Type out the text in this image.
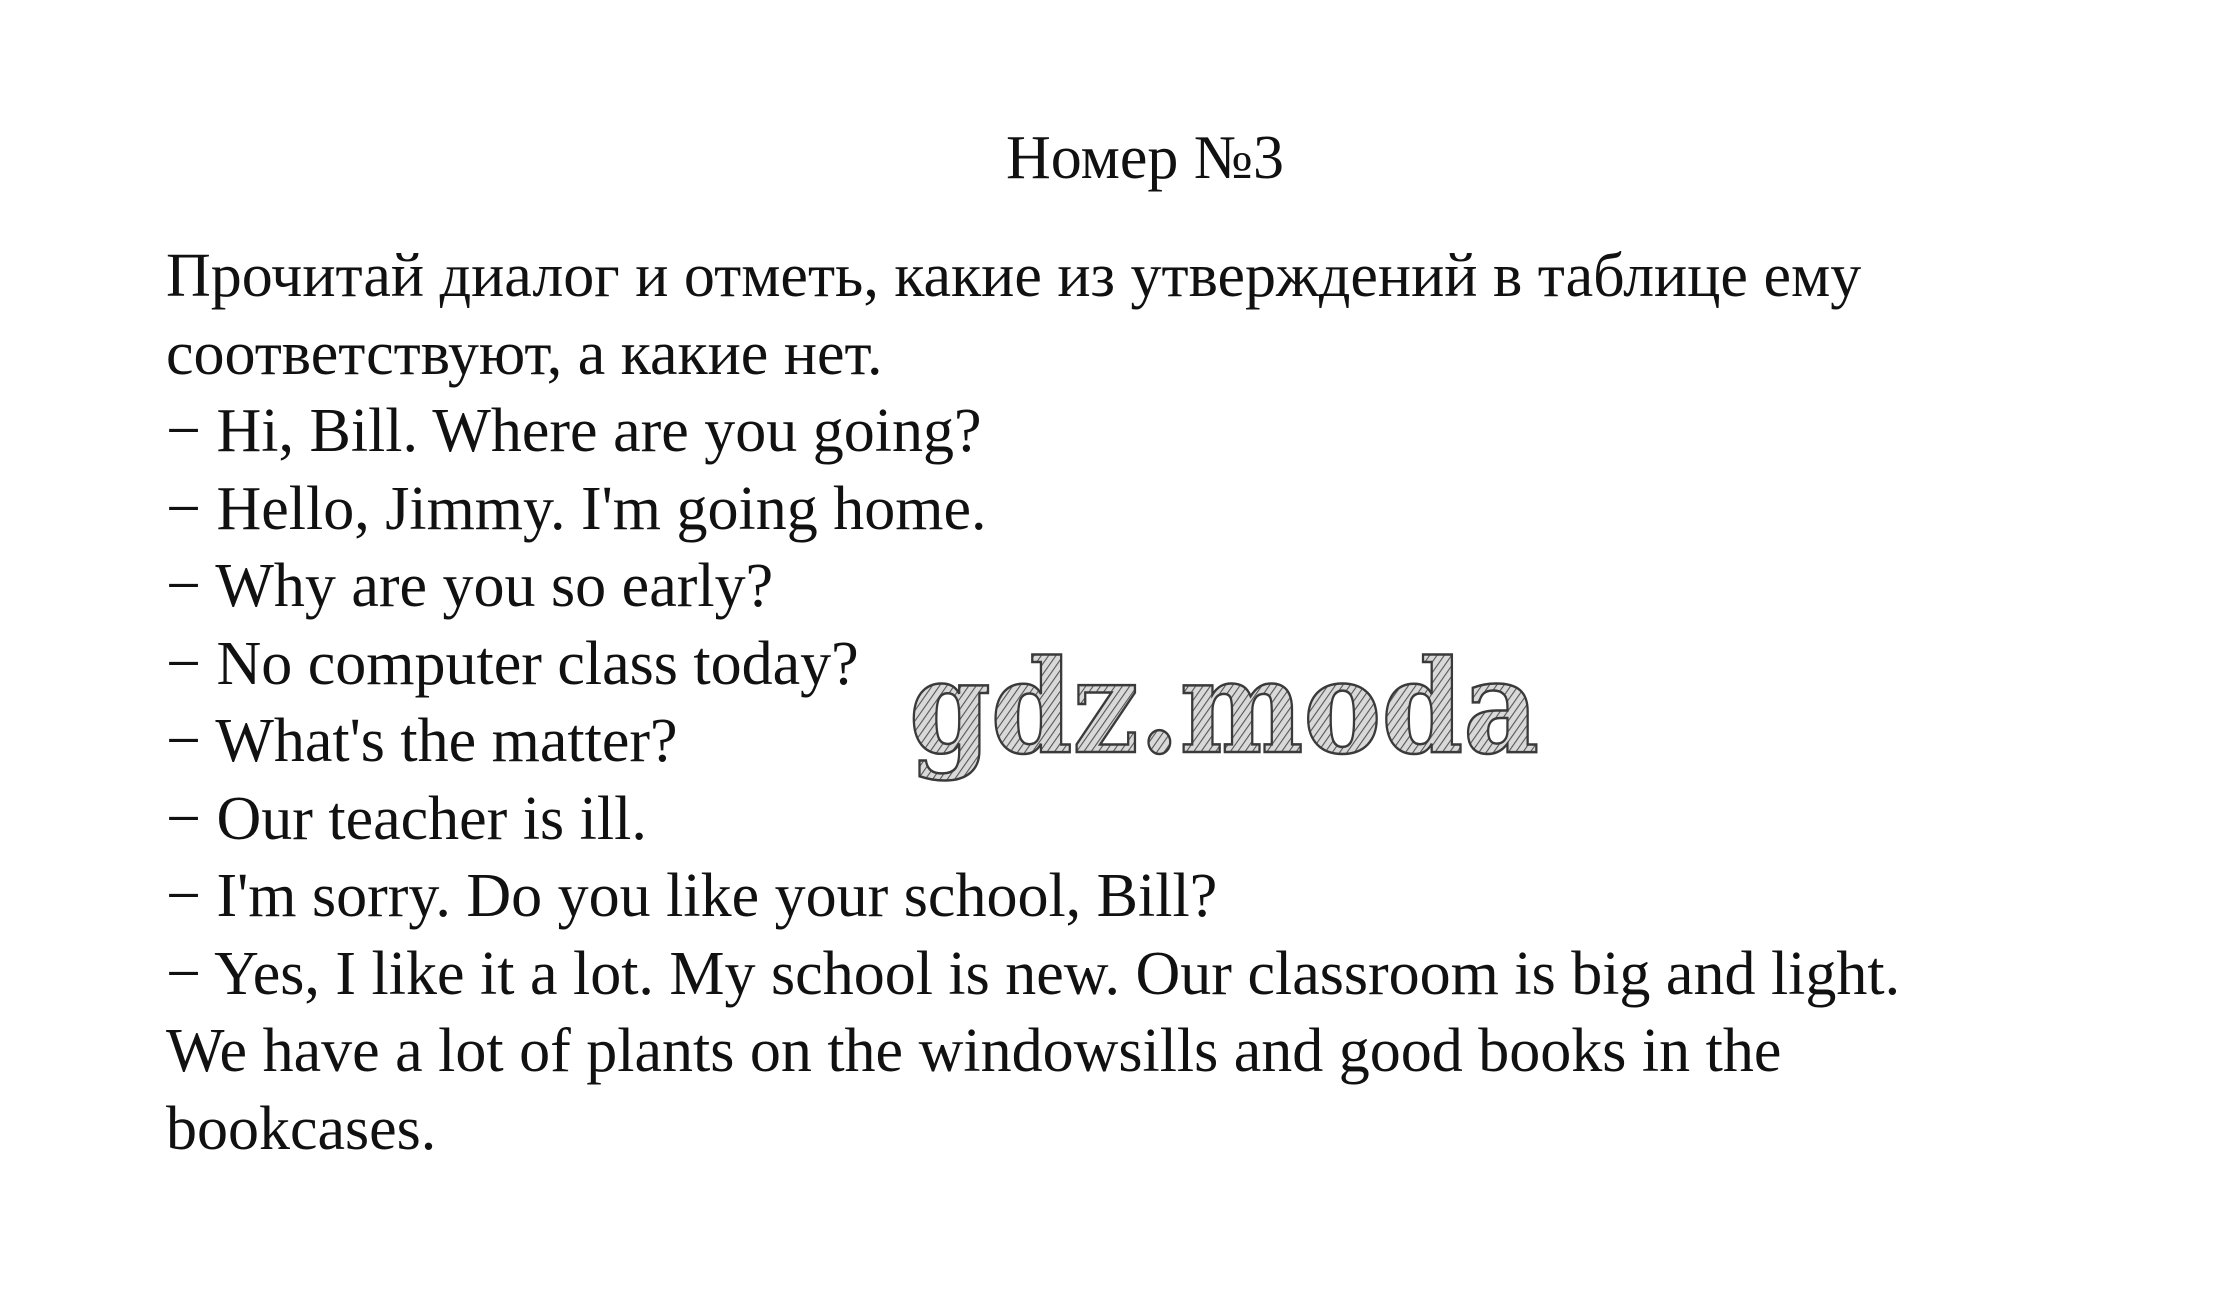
Номер №3
Прочитай диалог и отметь, какие из утверждений в таблице ему
соответствуют, а какие нет.
− Hi, Bill. Where are you going?
− Hello, Jimmy. I'm going home.
− Why are you so early?
− No computer class today?
− What's the matter?
− Our teacher is ill.
− I'm sorry. Do you like your school, Bill?
− Yes, I like it a lot. My school is new. Our classroom is big and light.
We have a lot of plants on the windowsills and good books in the
bookcases.
gdz.moda
